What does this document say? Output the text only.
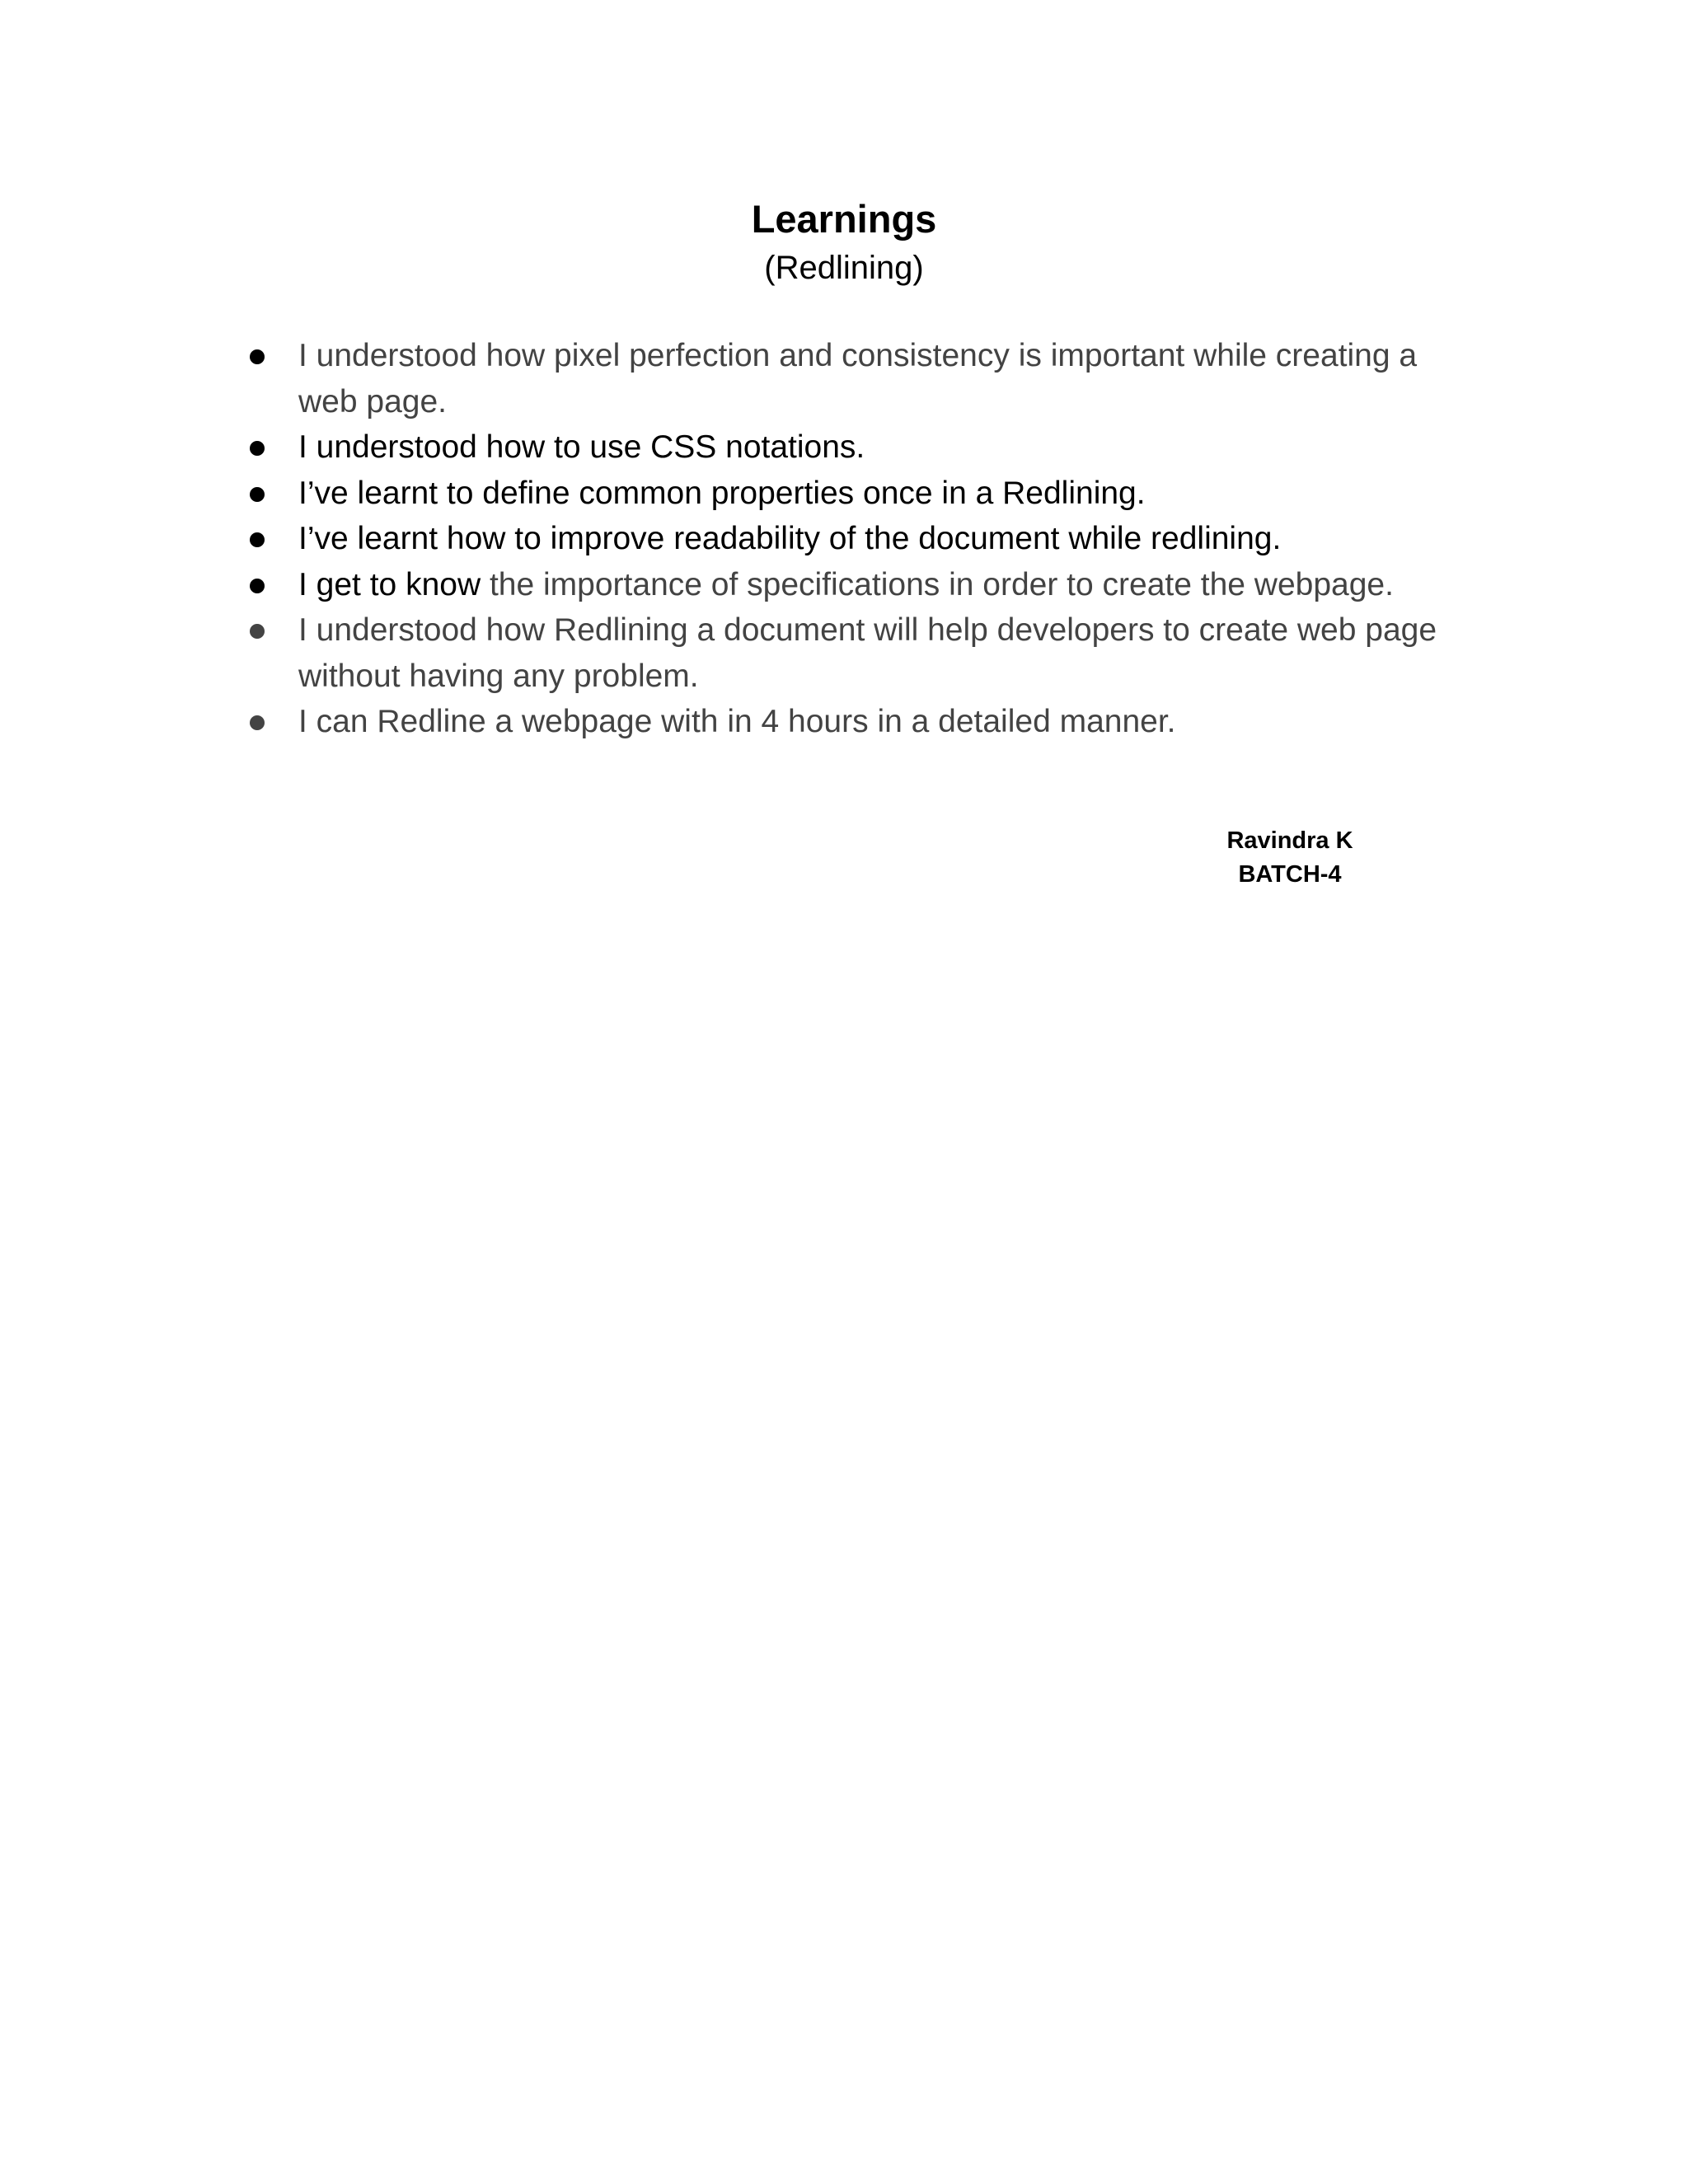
Learnings
(Redlining)
I understood how pixel perfection and consistency is important while creating a web page.
I understood how to use CSS notations.
I’ve learnt to define common properties once in a Redlining.
I’ve learnt how to improve readability of the document while redlining.
I get to know the importance of specifications in order to create the webpage.
I understood how Redlining a document will help developers to create web page without having any problem.
I can Redline a webpage with in 4 hours in a detailed manner.
Ravindra K
BATCH-4
